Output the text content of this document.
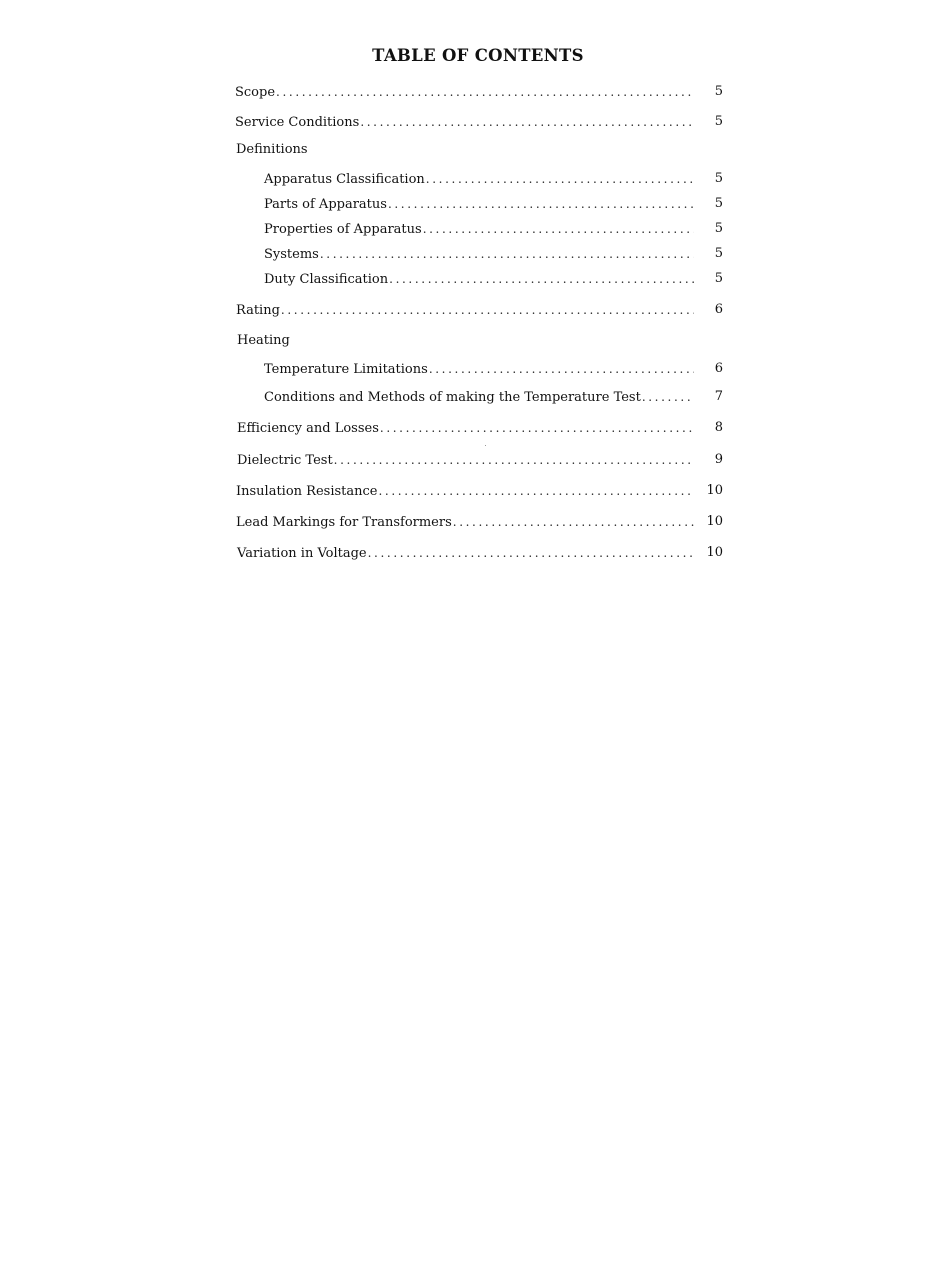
TABLE OF CONTENTS
Scope . . .	5
Service Conditions . . .	5
Definitions
Apparatus Classification . . .	5
Parts of Apparatus . . .	5
Properties of Apparatus . . .	5
Systems . . .	5
Duty Classification . . .	5
Rating . . .	6
Heating
Temperature Limitations . . .	6
Conditions and Methods of making the Temperature Test . . .	7
Efficiency and Losses . . .	8
Dielectric Test . . .	9
Insulation Resistance . . .	10
Lead Markings for Transformers . . .	10
Variation in Voltage . . .	10
